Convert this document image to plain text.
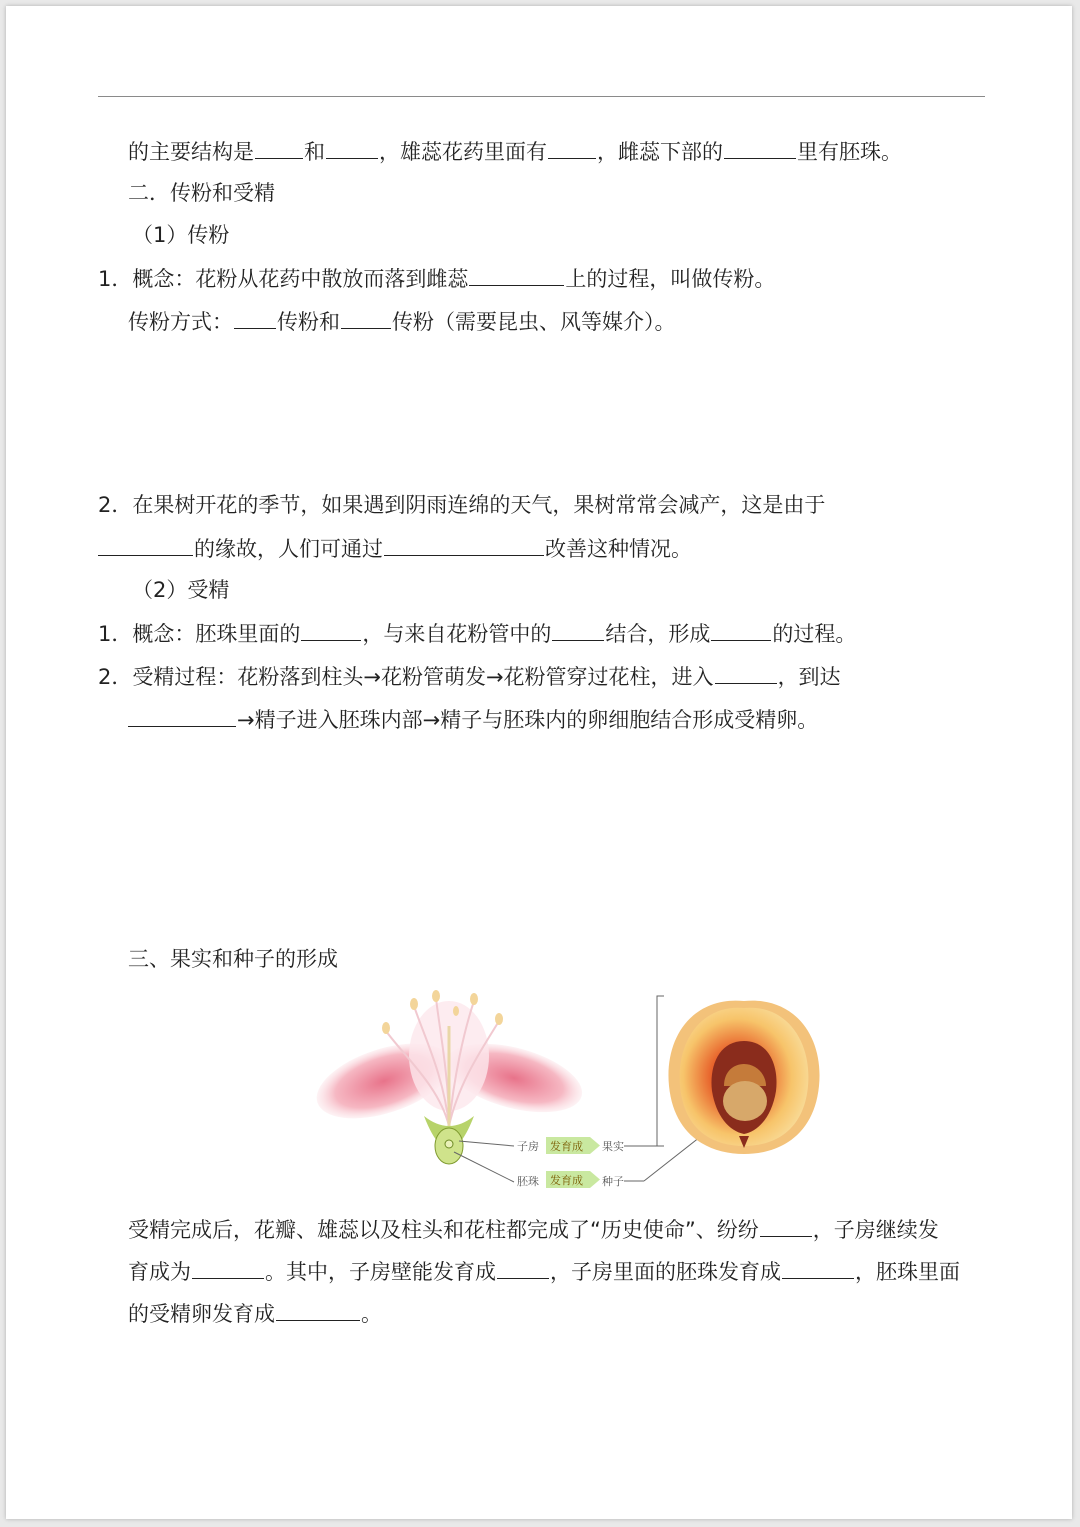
的主要结构是 和	，雄蕊花药里面有 ，雌蕊下部的	里有胚珠。
二．传粉和受精
（1）传粉
1．概念：花粉从花药中散放而落到雌蕊	上的过程，叫做传粉。
传粉方式： 传粉和 传粉（需要昆虫、风等媒介）。
2．在果树开花的季节，如果遇到阴雨连绵的天气，果树常常会减产，这是由于
的缘故，人们可通过	改善这种情况。
（2）受精
1．概念：胚珠里面的	，与来自花粉管中的	结合，形成	的过程。
2．受精过程：花粉落到柱头→花粉管萌发→花粉管穿过花柱，进入	，到达
→精子进入胚珠内部→精子与胚珠内的卵细胞结合形成受精卵。
三、果实和种子的形成
子房 发育成 果实
胚珠 发育成 种子
受精完成后，花瓣、雄蕊以及柱头和花柱都完成了“历史使命”、纷纷	，子房继续发
育成为	。其中，子房壁能发育成	，子房里面的胚珠发育成	，胚珠里面
的受精卵发育成	。
